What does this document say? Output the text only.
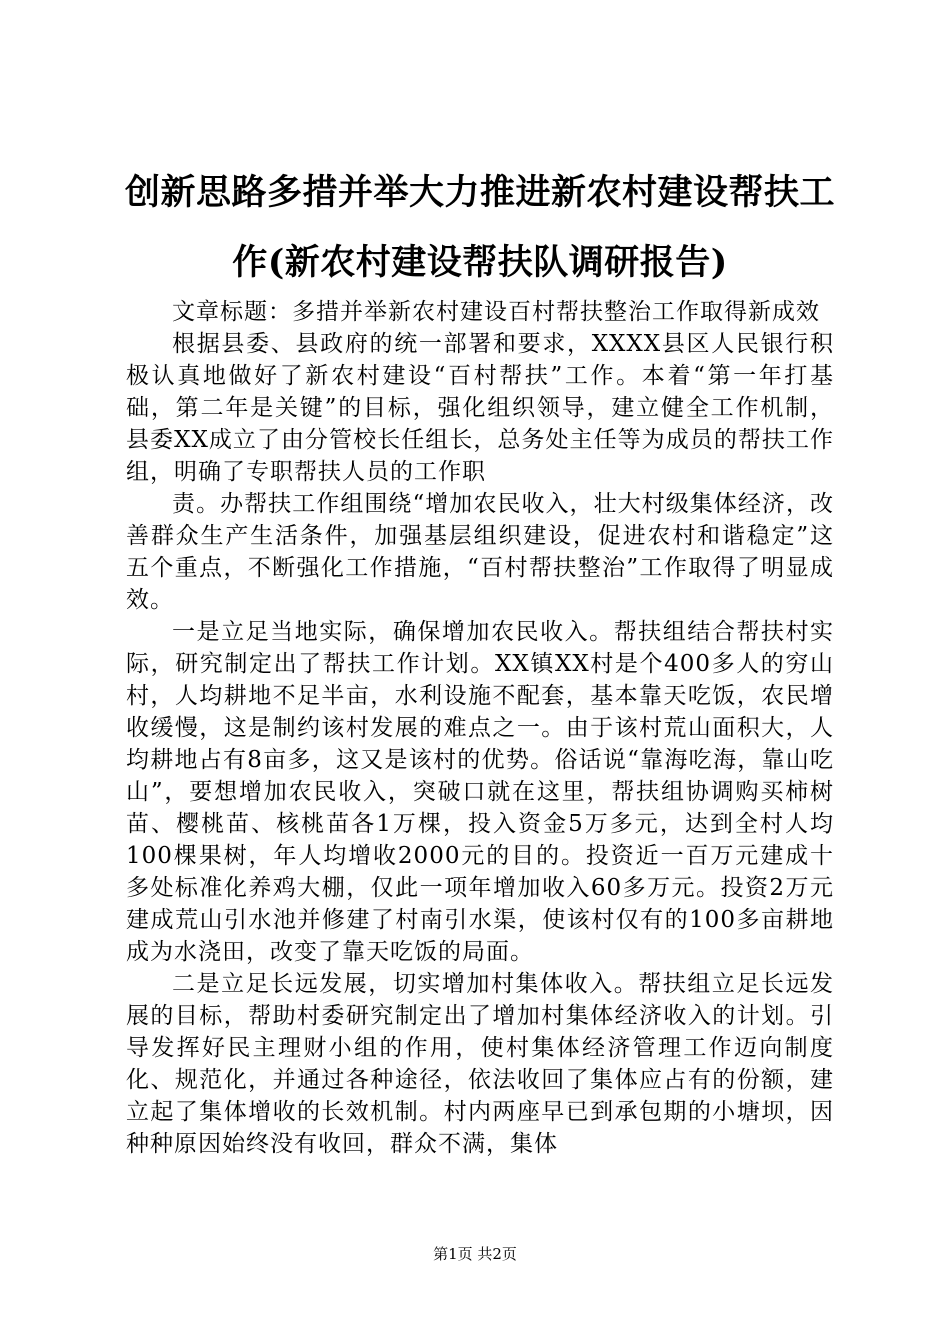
创新思路多措并举大力推进新农村建设帮扶工
作(新农村建设帮扶队调研报告)

文章标题：多措并举新农村建设百村帮扶整治工作取得新成效

根据县委、县政府的统一部署和要求，XXXX县区人民银行积极认真地做好了新农村建设“百村帮扶”工作。本着“第一年打基础，第二年是关键”的目标，强化组织领导，建立健全工作机制，县委XX成立了由分管校长任组长，总务处主任等为成员的帮扶工作组，明确了专职帮扶人员的工作职

责。办帮扶工作组围绕“增加农民收入，壮大村级集体经济，改善群众生产生活条件，加强基层组织建设，促进农村和谐稳定”这五个重点，不断强化工作措施，“百村帮扶整治”工作取得了明显成效。

一是立足当地实际，确保增加农民收入。帮扶组结合帮扶村实际，研究制定出了帮扶工作计划。XX镇XX村是个400多人的穷山村，人均耕地不足半亩，水利设施不配套，基本靠天吃饭，农民增收缓慢，这是制约该村发展的难点之一。由于该村荒山面积大，人均耕地占有8亩多，这又是该村的优势。俗话说“靠海吃海，靠山吃山”，要想增加农民收入，突破口就在这里，帮扶组协调购买柿树苗、樱桃苗、核桃苗各1万棵，投入资金5万多元，达到全村人均100棵果树，年人均增收2000元的目的。投资近一百万元建成十多处标准化养鸡大棚，仅此一项年增加收入60多万元。投资2万元建成荒山引水池并修建了村南引水渠，使该村仅有的100多亩耕地成为水浇田，改变了靠天吃饭的局面。

二是立足长远发展，切实增加村集体收入。帮扶组立足长远发展的目标，帮助村委研究制定出了增加村集体经济收入的计划。引导发挥好民主理财小组的作用，使村集体经济管理工作迈向制度化、规范化，并通过各种途径，依法收回了集体应占有的份额，建立起了集体增收的长效机制。村内两座早已到承包期的小塘坝，因种种原因始终没有收回，群众不满，集体

第1页 共2页
